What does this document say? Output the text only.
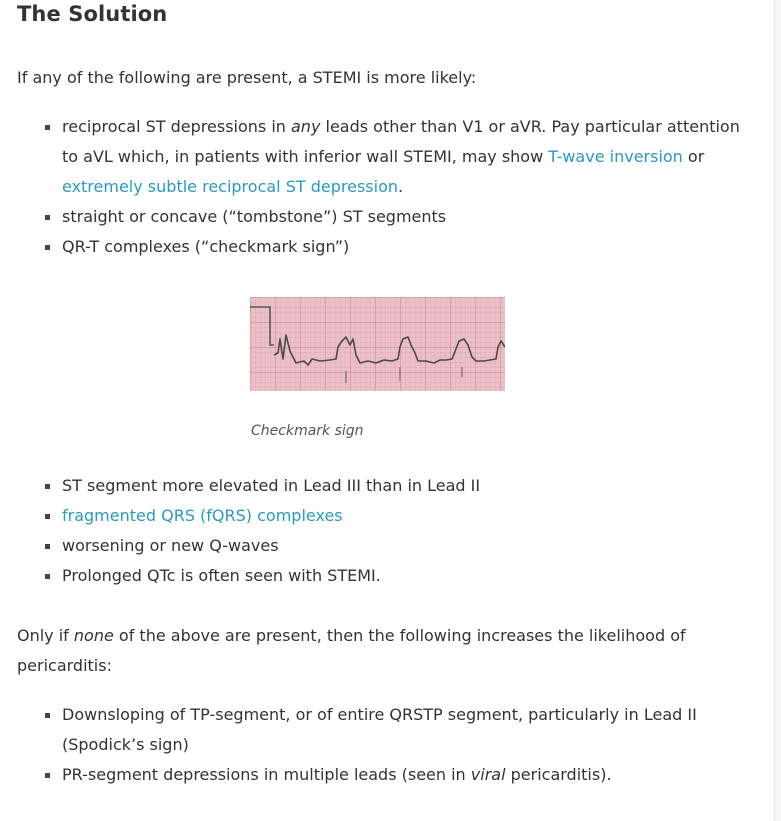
The Solution

If any of the following are present, a STEMI is more likely:

reciprocal ST depressions in any leads other than V1 or aVR. Pay particular attention to aVL which, in patients with inferior wall STEMI, may show T-wave inversion or extremely subtle reciprocal ST depression.
straight or concave (“tombstone”) ST segments
QR-T complexes (“checkmark sign”)
Checkmark sign
ST segment more elevated in Lead III than in Lead II
fragmented QRS (fQRS) complexes
worsening or new Q-waves
Prolonged QTc is often seen with STEMI.

Only if none of the above are present, then the following increases the likelihood of pericarditis:

Downsloping of TP-segment, or of entire QRSTP segment, particularly in Lead II (Spodick’s sign)
PR-segment depressions in multiple leads (seen in viral pericarditis).
